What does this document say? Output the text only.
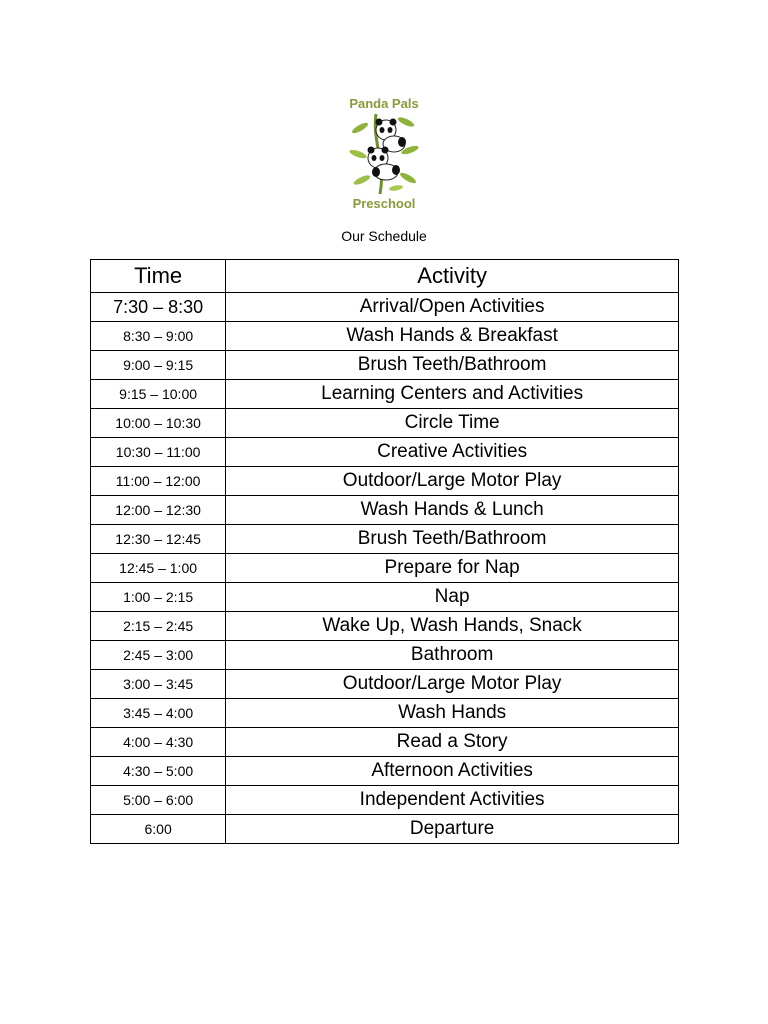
Panda Pals
Preschool
Our Schedule
Time	Activity
7:30 – 8:30	Arrival/Open Activities
8:30 – 9:00	Wash Hands & Breakfast
9:00 – 9:15	Brush Teeth/Bathroom
9:15 – 10:00	Learning Centers and Activities
10:00 – 10:30	Circle Time
10:30 – 11:00	Creative Activities
11:00 – 12:00	Outdoor/Large Motor Play
12:00 – 12:30	Wash Hands & Lunch
12:30 – 12:45	Brush Teeth/Bathroom
12:45 – 1:00	Prepare for Nap
1:00 – 2:15	Nap
2:15 – 2:45	Wake Up, Wash Hands, Snack
2:45 – 3:00	Bathroom
3:00 – 3:45	Outdoor/Large Motor Play
3:45 – 4:00	Wash Hands
4:00 – 4:30	Read a Story
4:30 – 5:00	Afternoon Activities
5:00 – 6:00	Independent Activities
6:00	Departure
